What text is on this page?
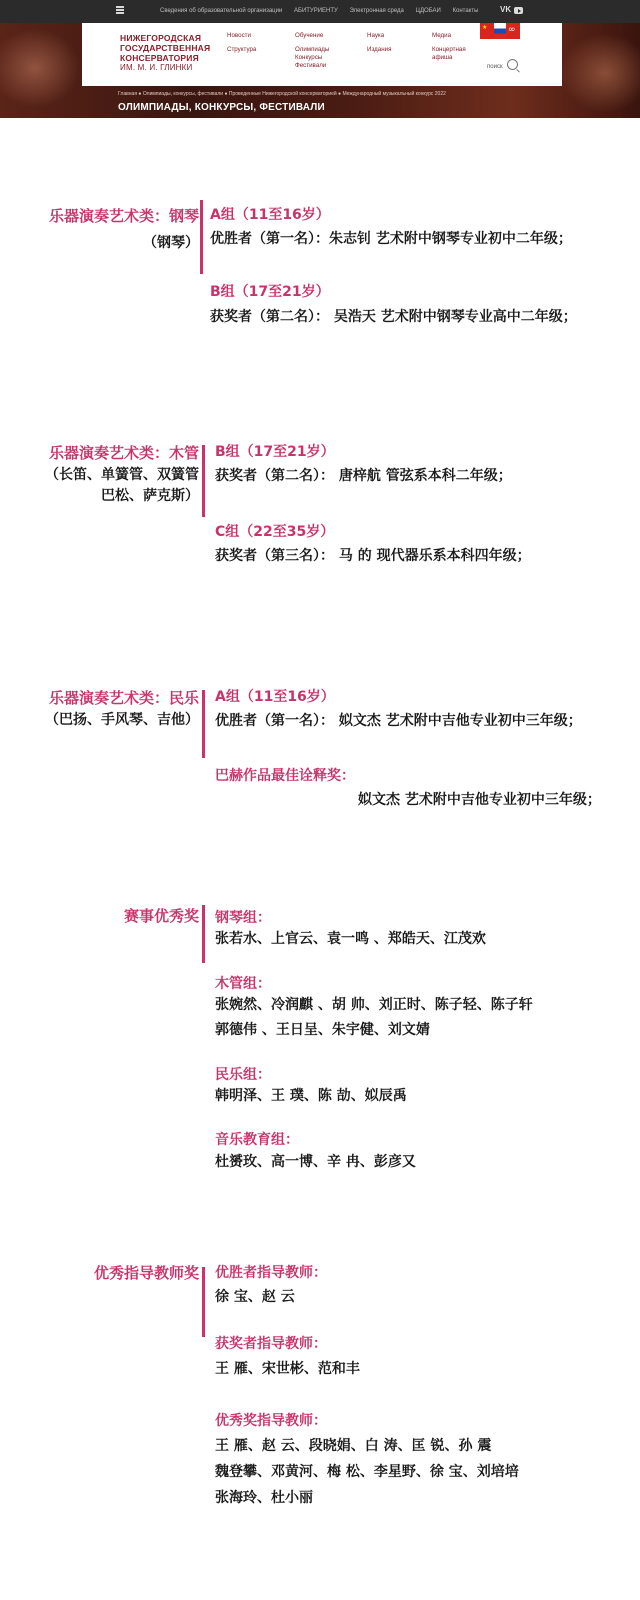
Сведения об образовательной организации АБИТУРИЕНТУ Электронная среда ЦДОБАИ Контакты	VK
НИЖЕГОРОДСКАЯ
ГОСУДАРСТВЕННАЯ
КОНСЕРВАТОРИЯ
ИМ. М. И. ГЛИНКИ
Новости
Структура
Обучение
Олимпиады
Конкурсы
Фестивали
Наука
Издания
Медиа
Концертная
афиша
поиск
★
∞
Главная ● Олимпиады, конкурсы, фестивали ● Проведенные Нижегородской консерваторией ● Международный музыкальный конкурс 2022
ОЛИМПИАДЫ, КОНКУРСЫ, ФЕСТИВАЛИ
乐器演奏艺术类：钢琴
（钢琴）
A组（11至16岁）
优胜者（第一名）：朱志钊 艺术附中钢琴专业初中二年级；
B组（17至21岁）
获奖者（第二名）： 吴浩天 艺术附中钢琴专业高中二年级；
乐器演奏艺术类：木管
（长笛、单簧管、双簧管
巴松、萨克斯）
B组（17至21岁）
获奖者（第二名）： 唐梓航 管弦系本科二年级；
C组（22至35岁）
获奖者（第三名）： 马 的 现代器乐系本科四年级；
乐器演奏艺术类：民乐
（巴扬、手风琴、吉他）
A组（11至16岁）
优胜者（第一名）： 姒文杰 艺术附中吉他专业初中三年级；
巴赫作品最佳诠释奖：
姒文杰 艺术附中吉他专业初中三年级；
赛事优秀奖 钢琴组：
张若水、上官云、袁一鸣 、郑皓天、江茂欢
木管组：
张婉然、冷润麒 、胡 帅、刘正时、陈子轻、陈子轩
郭德伟 、王日呈、朱宇健、刘文婧
民乐组：
韩明泽、王 璞、陈 劼、姒辰禹
音乐教育组：
杜赟玫、高一博、辛 冉、彭彦又
优秀指导教师奖 优胜者指导教师：
徐 宝、赵 云
获奖者指导教师：
王 雁、宋世彬、范和丰
优秀奖指导教师：
王 雁、赵 云、段晓娟、白 涛、匡 锐、孙 震
魏登攀、邓黄河、梅 松、李星野、徐 宝、刘培培
张海玲、杜小丽
